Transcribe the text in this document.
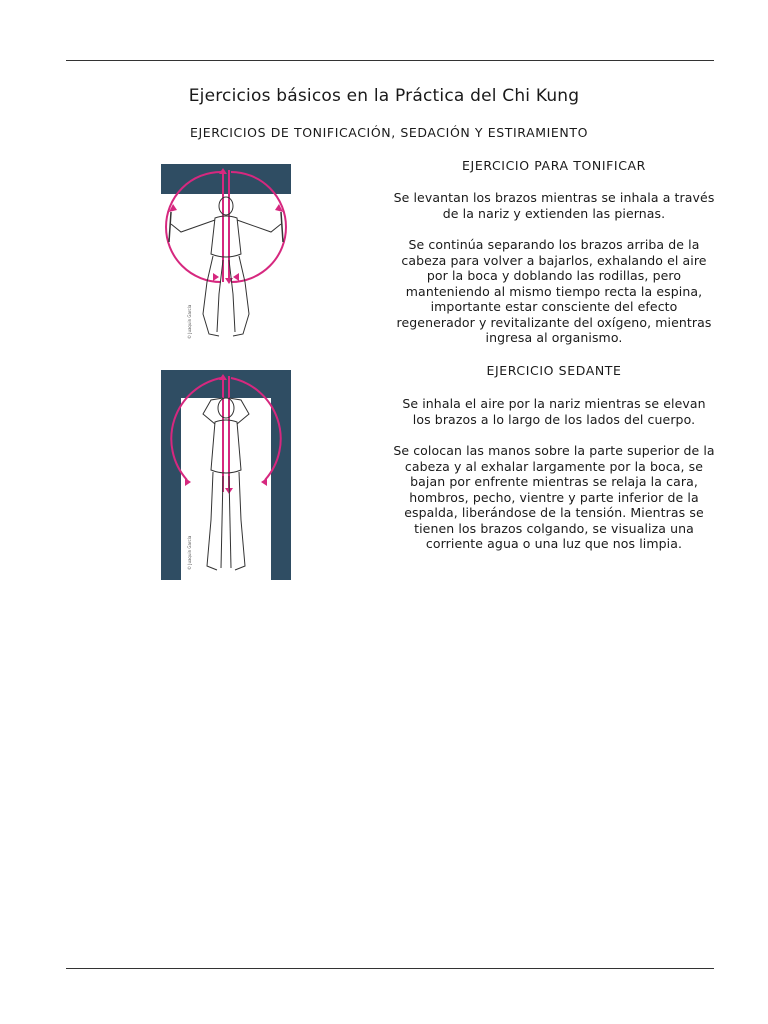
Ejercicios básicos en la Práctica del Chi Kung
EJERCICIOS DE TONIFICACIÓN, SEDACIÓN Y ESTIRAMIENTO
© Juaquin García
EJERCICIO PARA TONIFICAR

Se levantan los brazos mientras se inhala a través de la nariz y extienden las piernas.

Se continúa separando los brazos arriba de la cabeza para volver a bajarlos, exhalando el aire por la boca y doblando las rodillas, pero manteniendo al mismo tiempo recta la espina, importante estar consciente del efecto regenerador y revitalizante del oxígeno, mientras ingresa al organismo.

© Juaquin García
EJERCICIO SEDANTE

Se inhala el aire por la nariz mientras se elevan los brazos a lo largo de los lados del cuerpo.

Se colocan las manos sobre la parte superior de la cabeza y al exhalar largamente por la boca, se bajan por enfrente mientras se relaja la cara, hombros, pecho, vientre y parte inferior de la espalda, liberándose de la tensión. Mientras se tienen los brazos colgando, se visualiza una corriente agua o una luz que nos limpia.
